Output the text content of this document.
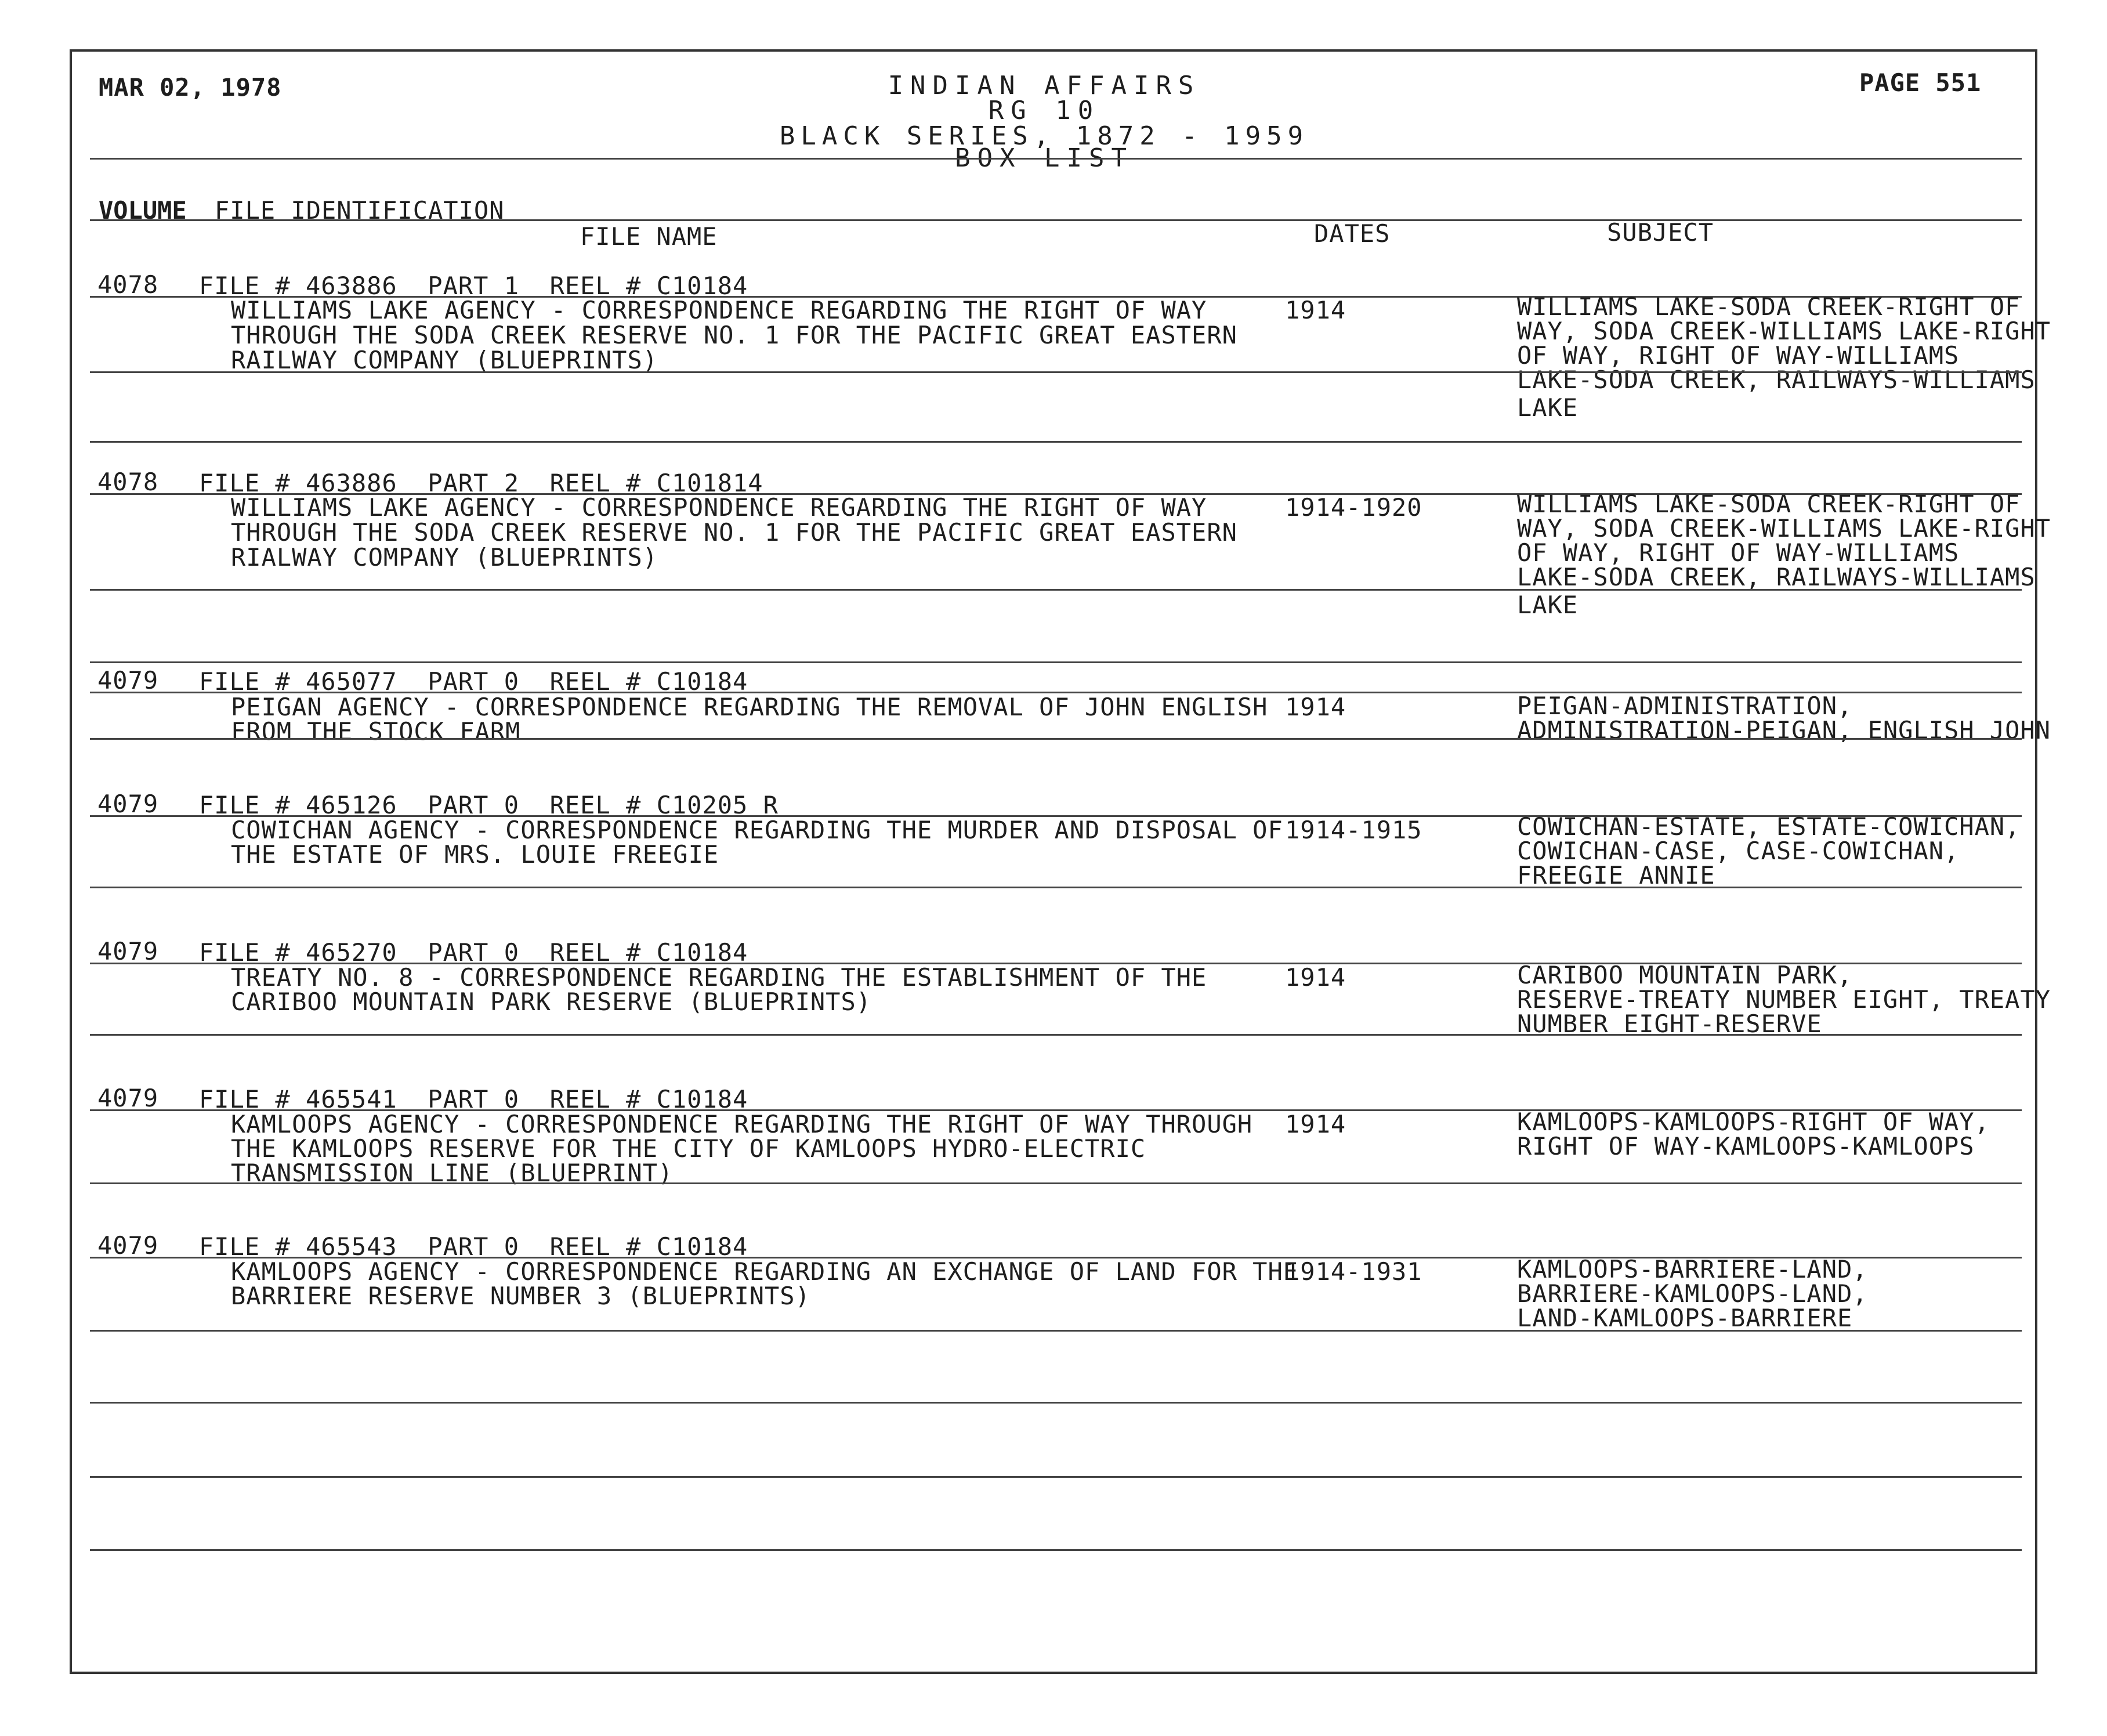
MAR 02, 1978	PAGE 551
INDIAN AFFAIRS
RG 10
BLACK SERIES, 1872 - 1959
BOX LIST
VOLUME FILE IDENTIFICATION
FILE NAME	DATES	SUBJECT
4078 FILE # 463886  PART 1  REEL # C10184
WILLIAMS LAKE AGENCY - CORRESPONDENCE REGARDING THE RIGHT OF WAY
THROUGH THE SODA CREEK RESERVE NO. 1 FOR THE PACIFIC GREAT EASTERN
RAILWAY COMPANY (BLUEPRINTS)
1914	WILLIAMS LAKE-SODA CREEK-RIGHT OF
WAY, SODA CREEK-WILLIAMS LAKE-RIGHT
OF WAY, RIGHT OF WAY-WILLIAMS
LAKE-SODA CREEK, RAILWAYS-WILLIAMS
LAKE
4078 FILE # 463886  PART 2  REEL # C101814
WILLIAMS LAKE AGENCY - CORRESPONDENCE REGARDING THE RIGHT OF WAY
THROUGH THE SODA CREEK RESERVE NO. 1 FOR THE PACIFIC GREAT EASTERN
RIALWAY COMPANY (BLUEPRINTS)
1914-1920	WILLIAMS LAKE-SODA CREEK-RIGHT OF
WAY, SODA CREEK-WILLIAMS LAKE-RIGHT
OF WAY, RIGHT OF WAY-WILLIAMS
LAKE-SODA CREEK, RAILWAYS-WILLIAMS
LAKE
4079 FILE # 465077  PART 0  REEL # C10184
PEIGAN AGENCY - CORRESPONDENCE REGARDING THE REMOVAL OF JOHN ENGLISH
FROM THE STOCK FARM
1914	PEIGAN-ADMINISTRATION,
ADMINISTRATION-PEIGAN, ENGLISH JOHN
4079 FILE # 465126  PART 0  REEL # C10205 R
COWICHAN AGENCY - CORRESPONDENCE REGARDING THE MURDER AND DISPOSAL OF
THE ESTATE OF MRS. LOUIE FREEGIE
1914-1915	COWICHAN-ESTATE, ESTATE-COWICHAN,
COWICHAN-CASE, CASE-COWICHAN,
FREEGIE ANNIE
4079 FILE # 465270  PART 0  REEL # C10184
TREATY NO. 8 - CORRESPONDENCE REGARDING THE ESTABLISHMENT OF THE
CARIBOO MOUNTAIN PARK RESERVE (BLUEPRINTS)
1914	CARIBOO MOUNTAIN PARK,
RESERVE-TREATY NUMBER EIGHT, TREATY
NUMBER EIGHT-RESERVE
4079 FILE # 465541  PART 0  REEL # C10184
KAMLOOPS AGENCY - CORRESPONDENCE REGARDING THE RIGHT OF WAY THROUGH
THE KAMLOOPS RESERVE FOR THE CITY OF KAMLOOPS HYDRO-ELECTRIC
TRANSMISSION LINE (BLUEPRINT)
1914	KAMLOOPS-KAMLOOPS-RIGHT OF WAY,
RIGHT OF WAY-KAMLOOPS-KAMLOOPS
4079 FILE # 465543  PART 0  REEL # C10184
KAMLOOPS AGENCY - CORRESPONDENCE REGARDING AN EXCHANGE OF LAND FOR THE
BARRIERE RESERVE NUMBER 3 (BLUEPRINTS)
1914-1931	KAMLOOPS-BARRIERE-LAND,
BARRIERE-KAMLOOPS-LAND,
LAND-KAMLOOPS-BARRIERE
